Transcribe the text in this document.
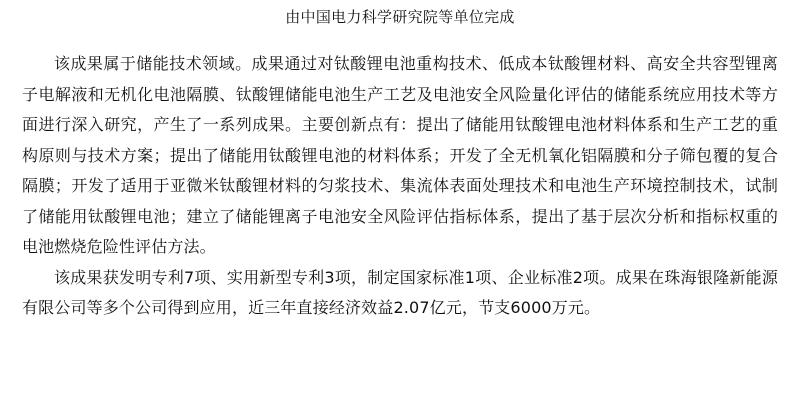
由中国电力科学研究院等单位完成

该成果属于储能技术领域。成果通过对钛酸锂电池重构技术、低成本钛酸锂材料、高安全共容型锂离子电解液和无机化电池隔膜、钛酸锂储能电池生产工艺及电池安全风险量化评估的储能系统应用技术等方面进行深入研究，产生了一系列成果。主要创新点有：提出了储能用钛酸锂电池材料体系和生产工艺的重构原则与技术方案；提出了储能用钛酸锂电池的材料体系；开发了全无机氧化铝隔膜和分子筛包覆的复合隔膜；开发了适用于亚微米钛酸锂材料的匀浆技术、集流体表面处理技术和电池生产环境控制技术，试制了储能用钛酸锂电池；建立了储能锂离子电池安全风险评估指标体系，提出了基于层次分析和指标权重的电池燃烧危险性评估方法。

该成果获发明专利7项、实用新型专利3项，制定国家标准1项、企业标准2项。成果在珠海银隆新能源有限公司等多个公司得到应用，近三年直接经济效益2.07亿元，节支6000万元。
